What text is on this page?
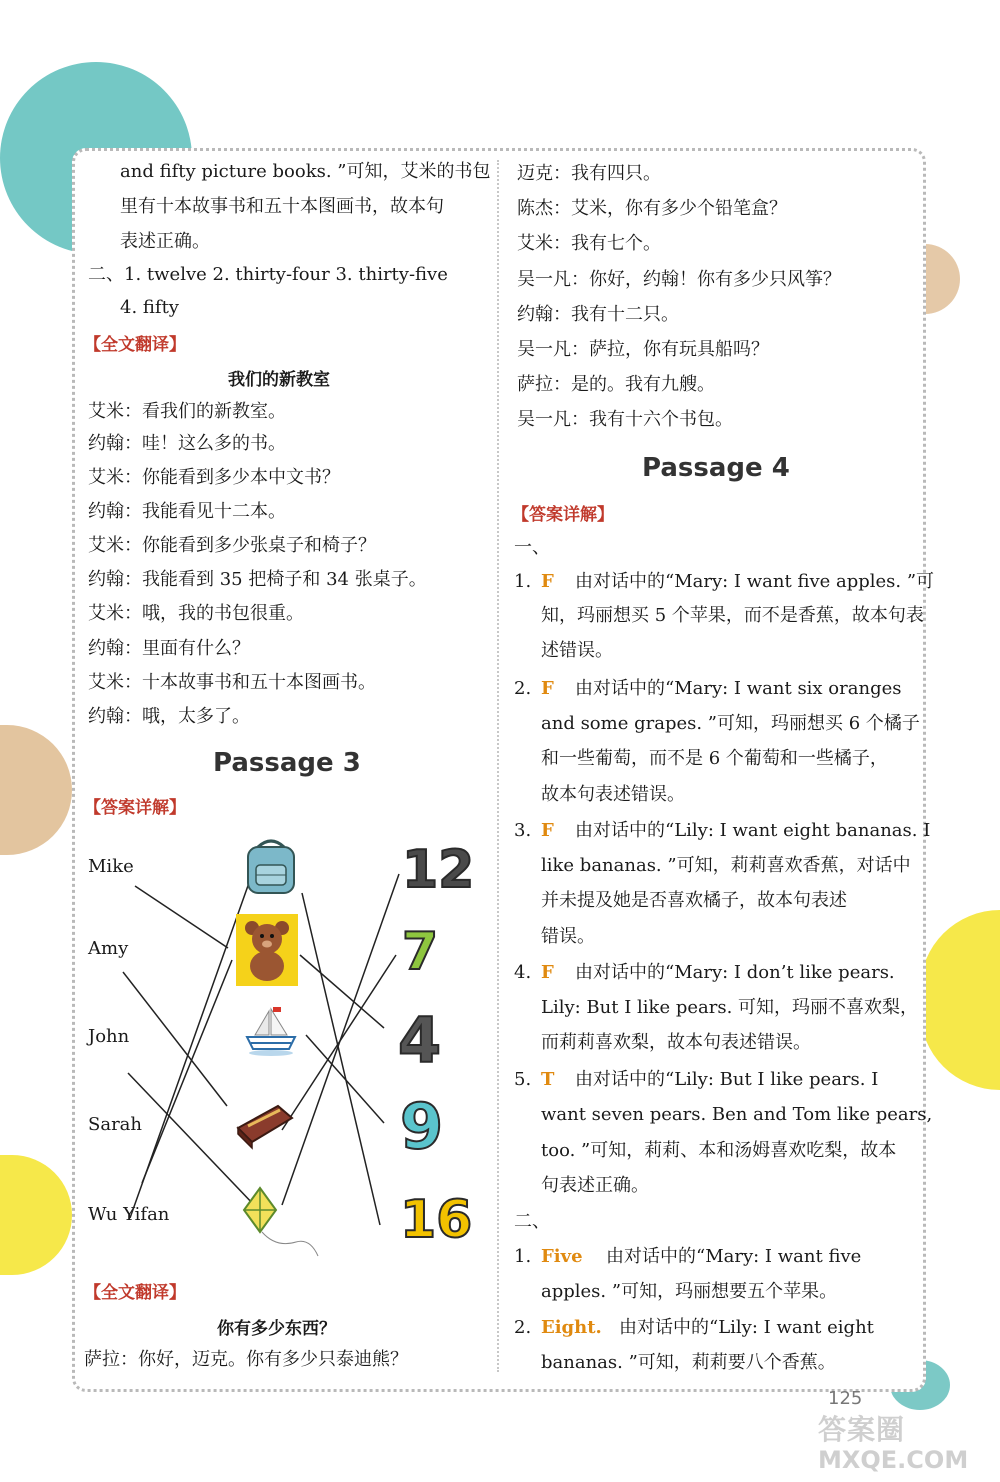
and fifty picture books. ”可知，艾米的书包
里有十本故事书和五十本图画书，故本句
表述正确。
二、1. twelve 2. thirty-four 3. thirty-five
4. fifty
【全文翻译】
我们的新教室
艾米：看我们的新教室。
约翰：哇！这么多的书。
艾米：你能看到多少本中文书？
约翰：我能看见十二本。
艾米：你能看到多少张桌子和椅子？
约翰：我能看到 35 把椅子和 34 张桌子。
艾米：哦，我的书包很重。
约翰：里面有什么？
艾米：十本故事书和五十本图画书。
约翰：哦，太多了。
Passage 3
【答案详解】
Mike
Amy
John
Sarah
Wu Yifan
12
7
4
9
16
【全文翻译】
你有多少东西？
萨拉：你好，迈克。你有多少只泰迪熊？
迈克：我有四只。
陈杰：艾米，你有多少个铅笔盒？
艾米：我有七个。
吴一凡：你好，约翰！你有多少只风筝？
约翰：我有十二只。
吴一凡：萨拉，你有玩具船吗？
萨拉：是的。我有九艘。
吴一凡：我有十六个书包。
Passage 4
【答案详解】
一、
1. F 由对话中的“Mary: I want five apples. ”可
知，玛丽想买 5 个苹果，而不是香蕉，故本句表
述错误。
2. F 由对话中的“Mary: I want six oranges
and some grapes. ”可知，玛丽想买 6 个橘子
和一些葡萄，而不是 6 个葡萄和一些橘子，
故本句表述错误。
3. F 由对话中的“Lily: I want eight bananas. I
like bananas. ”可知，莉莉喜欢香蕉，对话中
并未提及她是否喜欢橘子，故本句表述
错误。
4. F 由对话中的“Mary: I don’t like pears.
Lily: But I like pears. 可知，玛丽不喜欢梨，
而莉莉喜欢梨，故本句表述错误。
5. T 由对话中的“Lily: But I like pears. I
want seven pears. Ben and Tom like pears,
too. ”可知，莉莉、本和汤姆喜欢吃梨，故本
句表述正确。
二、
1. Five 由对话中的“Mary: I want five
apples. ”可知，玛丽想要五个苹果。
2. Eight. 由对话中的“Lily: I want eight
bananas. ”可知，莉莉要八个香蕉。
125
答案圈
MXQE.COM
